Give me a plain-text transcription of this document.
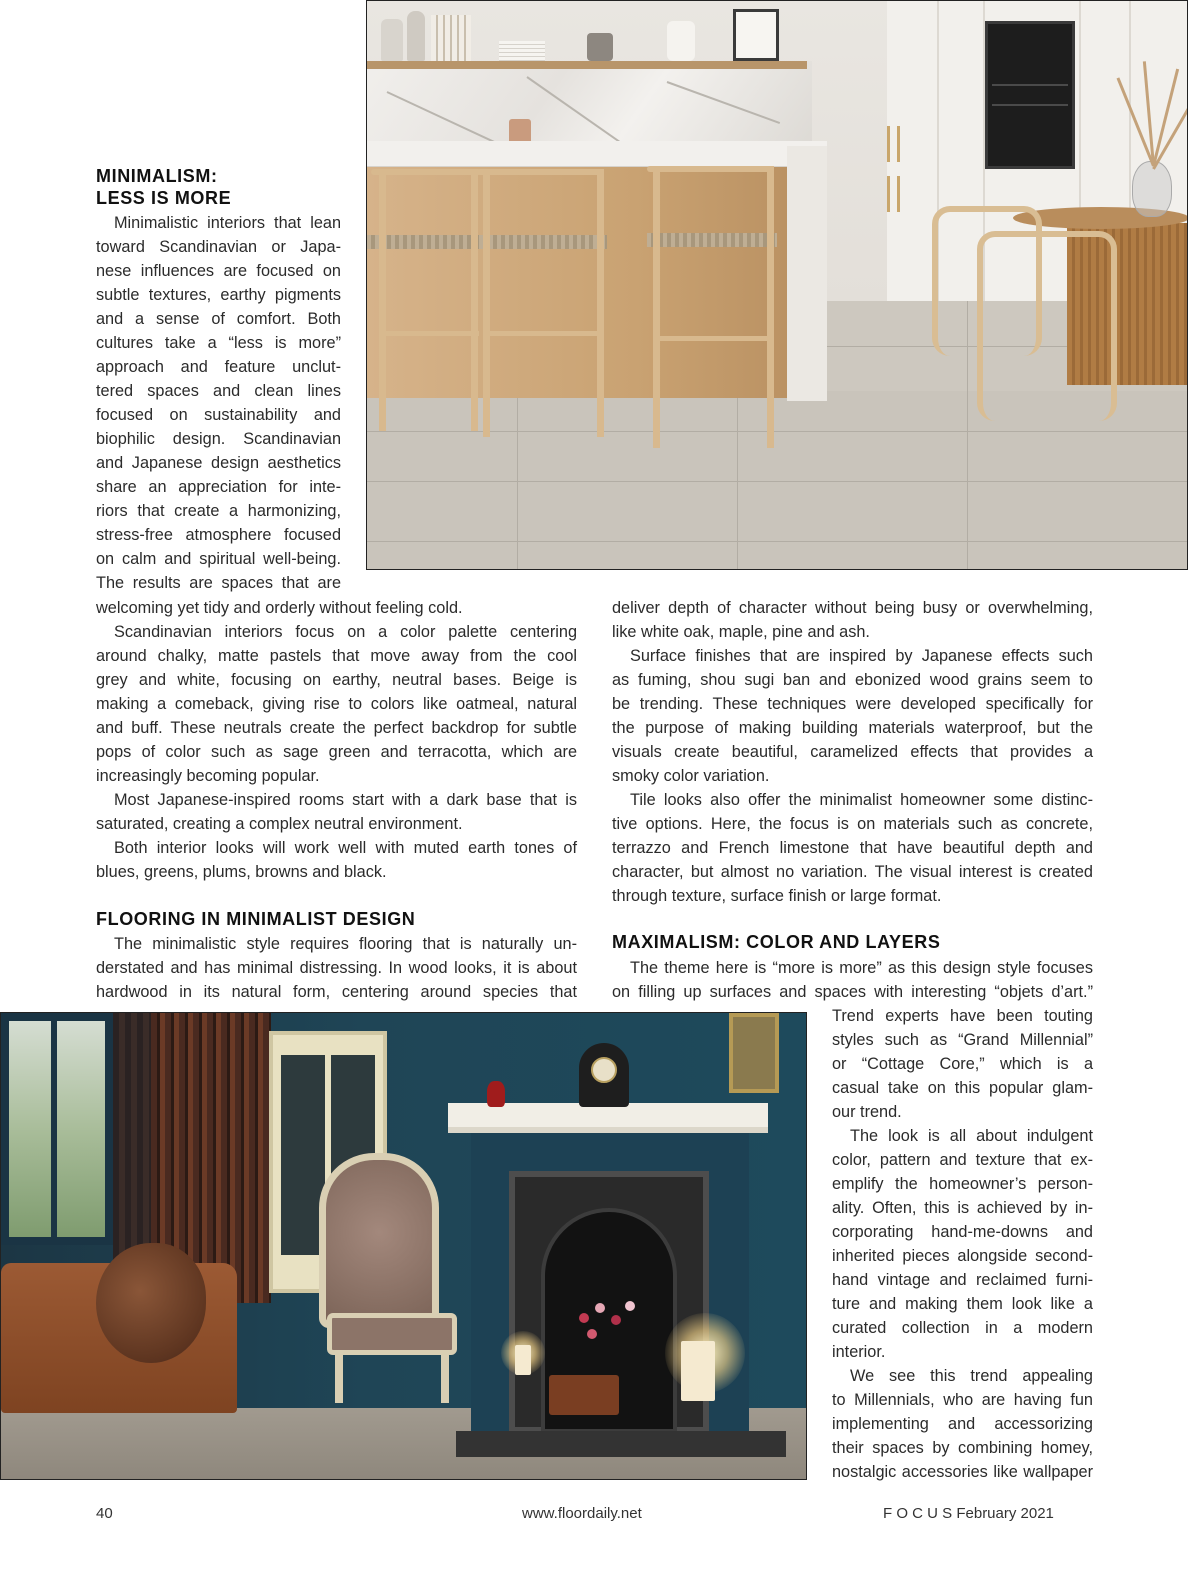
MINIMALISM:
LESS IS MORE
Minimalistic interiors that lean
toward Scandinavian or Japa-
nese influences are focused on
subtle textures, earthy pigments
and a sense of comfort. Both
cultures take a “less is more”
approach and feature unclut-
tered spaces and clean lines
focused on sustainability and
biophilic design. Scandinavian
and Japanese design aesthetics
share an appreciation for inte-
riors that create a harmonizing,
stress-free atmosphere focused
on calm and spiritual well-being.
The results are spaces that are
welcoming yet tidy and orderly without feeling cold.
Scandinavian interiors focus on a color palette centering
around chalky, matte pastels that move away from the cool
grey and white, focusing on earthy, neutral bases. Beige is
making a comeback, giving rise to colors like oatmeal, natural
and buff. These neutrals create the perfect backdrop for subtle
pops of color such as sage green and terracotta, which are
increasingly becoming popular.
Most Japanese-inspired rooms start with a dark base that is
saturated, creating a complex neutral environment.
Both interior looks will work well with muted earth tones of
blues, greens, plums, browns and black.
FLOORING IN MINIMALIST DESIGN
The minimalistic style requires flooring that is naturally un-
derstated and has minimal distressing. In wood looks, it is about
hardwood in its natural form, centering around species that
deliver depth of character without being busy or overwhelming,
like white oak, maple, pine and ash.
Surface finishes that are inspired by Japanese effects such
as fuming, shou sugi ban and ebonized wood grains seem to
be trending. These techniques were developed specifically for
the purpose of making building materials waterproof, but the
visuals create beautiful, caramelized effects that provides a
smoky color variation.
Tile looks also offer the minimalist homeowner some distinc-
tive options. Here, the focus is on materials such as concrete,
terrazzo and French limestone that have beautiful depth and
character, but almost no variation. The visual interest is created
through texture, surface finish or large format.
MAXIMALISM: COLOR AND LAYERS
The theme here is “more is more” as this design style focuses
on filling up surfaces and spaces with interesting “objets d’art.”
Trend experts have been touting
styles such as “Grand Millennial”
or “Cottage Core,” which is a
casual take on this popular glam-
our trend.
The look is all about indulgent
color, pattern and texture that ex-
emplify the homeowner’s person-
ality. Often, this is achieved by in-
corporating hand-me-downs and
inherited pieces alongside second-
hand vintage and reclaimed furni-
ture and making them look like a
curated collection in a modern
interior.
We see this trend appealing
to Millennials, who are having fun
implementing and accessorizing
their spaces by combining homey,
nostalgic accessories like wallpaper
40	www.floordaily.net	F O C U S February 2021
